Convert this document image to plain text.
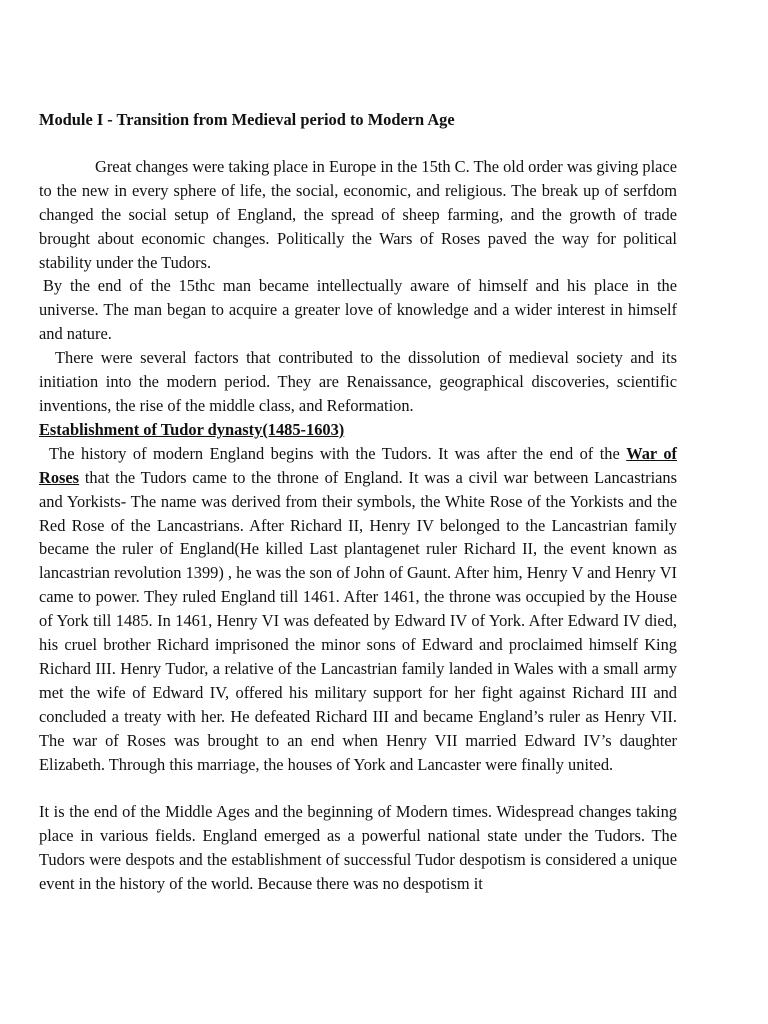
Module I - Transition from Medieval period to Modern Age

Great changes were taking place in Europe in the 15th C. The old order was giving place to the new in every sphere of life, the social, economic, and religious. The break up of serfdom changed the social setup of England, the spread of sheep farming, and the growth of trade brought about economic changes. Politically the Wars of Roses paved the way for political stability under the Tudors.

By the end of the 15thc man became intellectually aware of himself and his place in the universe. The man began to acquire a greater love of knowledge and a wider interest in himself and nature.

There were several factors that contributed to the dissolution of medieval society and its initiation into the modern period. They are Renaissance, geographical discoveries, scientific inventions, the rise of the middle class, and Reformation.

Establishment of Tudor dynasty(1485-1603)

The history of modern England begins with the Tudors. It was after the end of the War of Roses that the Tudors came to the throne of England. It was a civil war between Lancastrians and Yorkists- The name was derived from their symbols, the White Rose of the Yorkists and the Red Rose of the Lancastrians. After Richard II, Henry IV belonged to the Lancastrian family became the ruler of England(He killed Last plantagenet ruler Richard II, the event known as lancastrian revolution 1399) , he was the son of John of Gaunt. After him, Henry V and Henry VI came to power. They ruled England till 1461. After 1461, the throne was occupied by the House of York till 1485. In 1461, Henry VI was defeated by Edward IV of York. After Edward IV died, his cruel brother Richard imprisoned the minor sons of Edward and proclaimed himself King Richard III. Henry Tudor, a relative of the Lancastrian family landed in Wales with a small army met the wife of Edward IV, offered his military support for her fight against Richard III and concluded a treaty with her. He defeated Richard III and became England’s ruler as Henry VII. The war of Roses was brought to an end when Henry VII married Edward IV’s daughter Elizabeth. Through this marriage, the houses of York and Lancaster were finally united.

It is the end of the Middle Ages and the beginning of Modern times. Widespread changes taking place in various fields. England emerged as a powerful national state under the Tudors. The Tudors were despots and the establishment of successful Tudor despotism is considered a unique event in the history of the world. Because there was no despotism it
